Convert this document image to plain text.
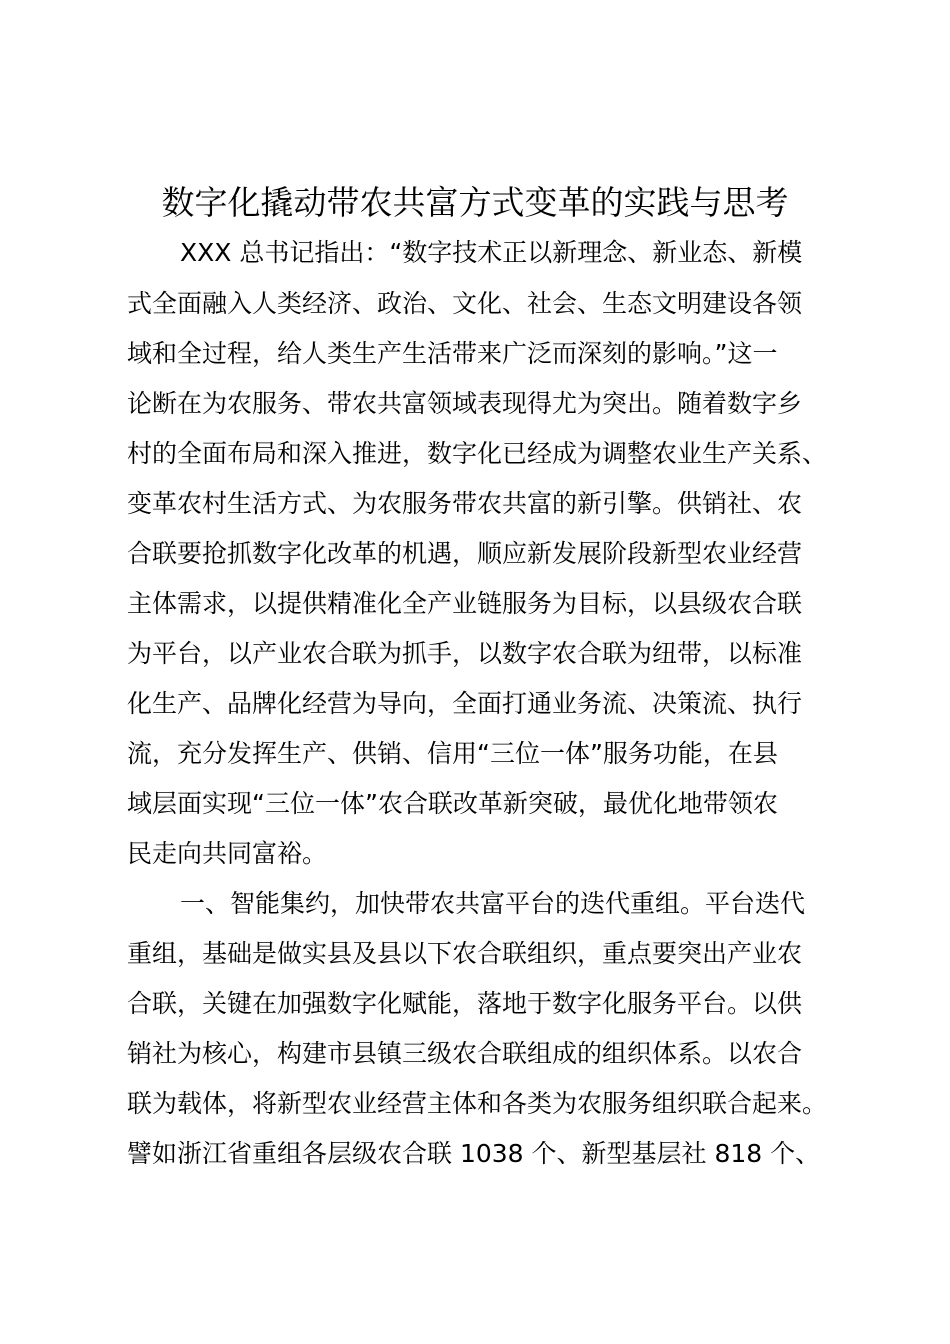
数字化撬动带农共富方式变革的实践与思考

XXX 总书记指出：“数字技术正以新理念、新业态、新模

式全面融入人类经济、政治、文化、社会、生态文明建设各领

域和全过程，给人类生产生活带来广泛而深刻的影响。”这一

论断在为农服务、带农共富领域表现得尤为突出。随着数字乡

村的全面布局和深入推进，数字化已经成为调整农业生产关系、

变革农村生活方式、为农服务带农共富的新引擎。供销社、农

合联要抢抓数字化改革的机遇，顺应新发展阶段新型农业经营

主体需求，以提供精准化全产业链服务为目标，以县级农合联

为平台，以产业农合联为抓手，以数字农合联为纽带，以标准

化生产、品牌化经营为导向，全面打通业务流、决策流、执行

流，充分发挥生产、供销、信用“三位一体”服务功能，在县

域层面实现“三位一体”农合联改革新突破，最优化地带领农

民走向共同富裕。

一、智能集约，加快带农共富平台的迭代重组。平台迭代

重组，基础是做实县及县以下农合联组织，重点要突出产业农

合联，关键在加强数字化赋能，落地于数字化服务平台。以供

销社为核心，构建市县镇三级农合联组成的组织体系。以农合

联为载体，将新型农业经营主体和各类为农服务组织联合起来。

譬如浙江省重组各层级农合联 1038 个、新型基层社 818 个、
